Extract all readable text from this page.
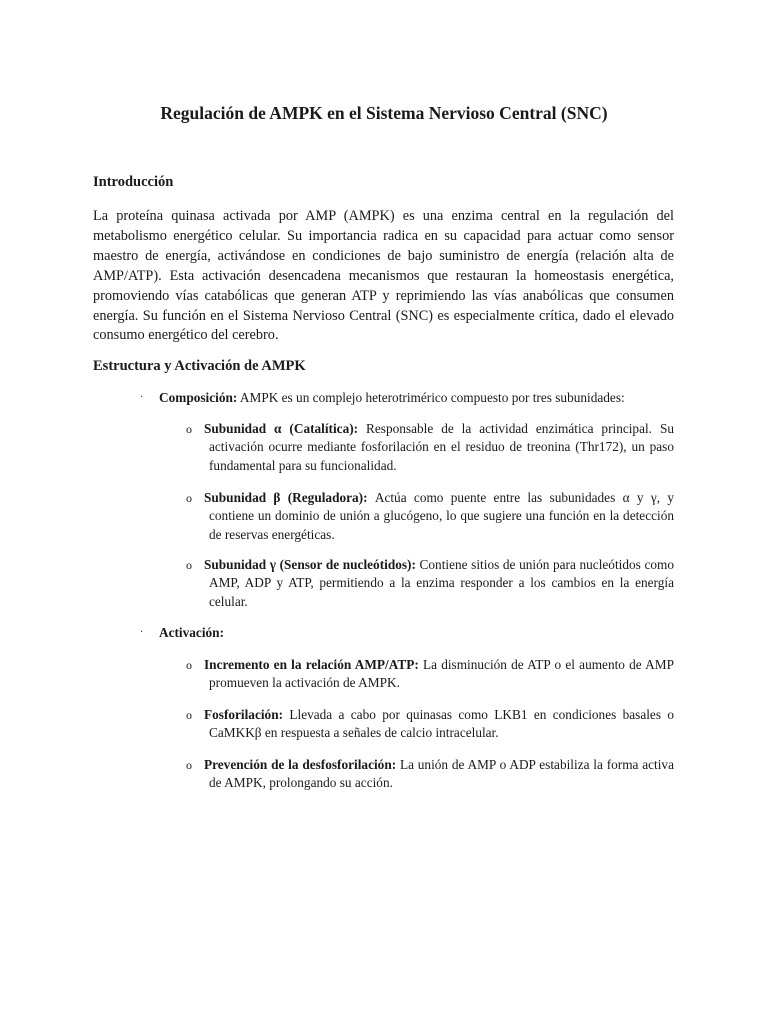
Regulación de AMPK en el Sistema Nervioso Central (SNC)
Introducción
La proteína quinasa activada por AMP (AMPK) es una enzima central en la regulación del metabolismo energético celular. Su importancia radica en su capacidad para actuar como sensor maestro de energía, activándose en condiciones de bajo suministro de energía (relación alta de AMP/ATP). Esta activación desencadena mecanismos que restauran la homeostasis energética, promoviendo vías catabólicas que generan ATP y reprimiendo las vías anabólicas que consumen energía. Su función en el Sistema Nervioso Central (SNC) es especialmente crítica, dado el elevado consumo energético del cerebro.
Estructura y Activación de AMPK
· Composición: AMPK es un complejo heterotrimérico compuesto por tres subunidades:
o Subunidad α (Catalítica): Responsable de la actividad enzimática principal. Su activación ocurre mediante fosforilación en el residuo de treonina (Thr172), un paso fundamental para su funcionalidad.
o Subunidad β (Reguladora): Actúa como puente entre las subunidades α y γ, y contiene un dominio de unión a glucógeno, lo que sugiere una función en la detección de reservas energéticas.
o Subunidad γ (Sensor de nucleótidos): Contiene sitios de unión para nucleótidos como AMP, ADP y ATP, permitiendo a la enzima responder a los cambios en la energía celular.
· Activación:
o Incremento en la relación AMP/ATP: La disminución de ATP o el aumento de AMP promueven la activación de AMPK.
o Fosforilación: Llevada a cabo por quinasas como LKB1 en condiciones basales o CaMKKβ en respuesta a señales de calcio intracelular.
o Prevención de la desfosforilación: La unión de AMP o ADP estabiliza la forma activa de AMPK, prolongando su acción.
